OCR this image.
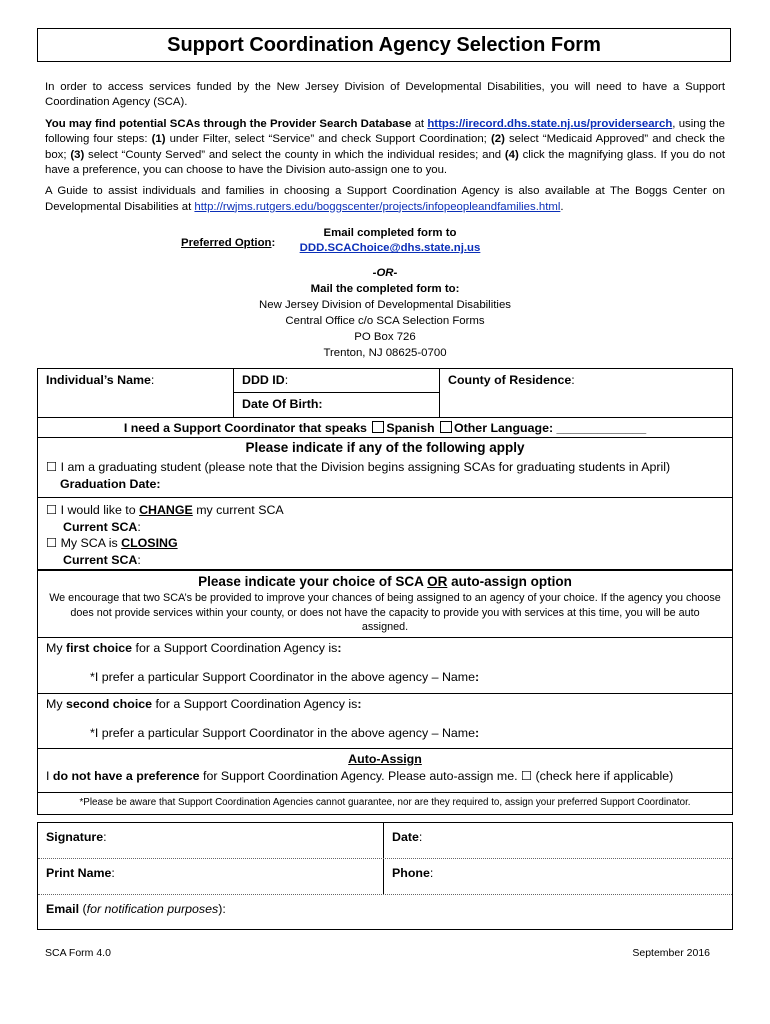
Support Coordination Agency Selection Form

In order to access services funded by the New Jersey Division of Developmental Disabilities, you will need to have a Support Coordination Agency (SCA).

You may find potential SCAs through the Provider Search Database at https://irecord.dhs.state.nj.us/providersearch, using the following four steps: (1) under Filter, select “Service” and check Support Coordination; (2) select “Medicaid Approved” and check the box; (3) select “County Served” and select the county in which the individual resides; and (4) click the magnifying glass. If you do not have a preference, you can choose to have the Division auto-assign one to you.

A Guide to assist individuals and families in choosing a Support Coordination Agency is also available at The Boggs Center on Developmental Disabilities at http://rwjms.rutgers.edu/boggscenter/projects/infopeopleandfamilies.html.

Preferred Option:
Email completed form to
DDD.SCAChoice@dhs.state.nj.us
-OR-
Mail the completed form to:
New Jersey Division of Developmental Disabilities
Central Office c/o SCA Selection Forms
PO Box 726
Trenton, NJ 08625-0700
Individual’s Name:	DDD ID:
Date Of Birth:
County of Residence:
I need a Support Coordinator that speaks Spanish Other Language: _____________
Please indicate if any of the following apply
☐ I am a graduating student (please note that the Division begins assigning SCAs for graduating students in April)
Graduation Date:
☐ I would like to CHANGE my current SCA
Current SCA:
☐ My SCA is CLOSING
Current SCA:
Please indicate your choice of SCA OR auto-assign option
We encourage that two SCA’s be provided to improve your chances of being assigned to an agency of your choice. If the agency you choose does not provide services within your county, or does not have the capacity to provide you with services at this time, you will be auto assigned.
My first choice for a Support Coordination Agency is:
*I prefer a particular Support Coordinator in the above agency – Name:
My second choice for a Support Coordination Agency is:
*I prefer a particular Support Coordinator in the above agency – Name:
Auto-Assign
I do not have a preference for Support Coordination Agency. Please auto-assign me. ☐ (check here if applicable)
*Please be aware that Support Coordination Agencies cannot guarantee, nor are they required to, assign your preferred Support Coordinator.
Signature:	Date:
Print Name:	Phone:
Email (for notification purposes):
SCA Form 4.0	September 2016
